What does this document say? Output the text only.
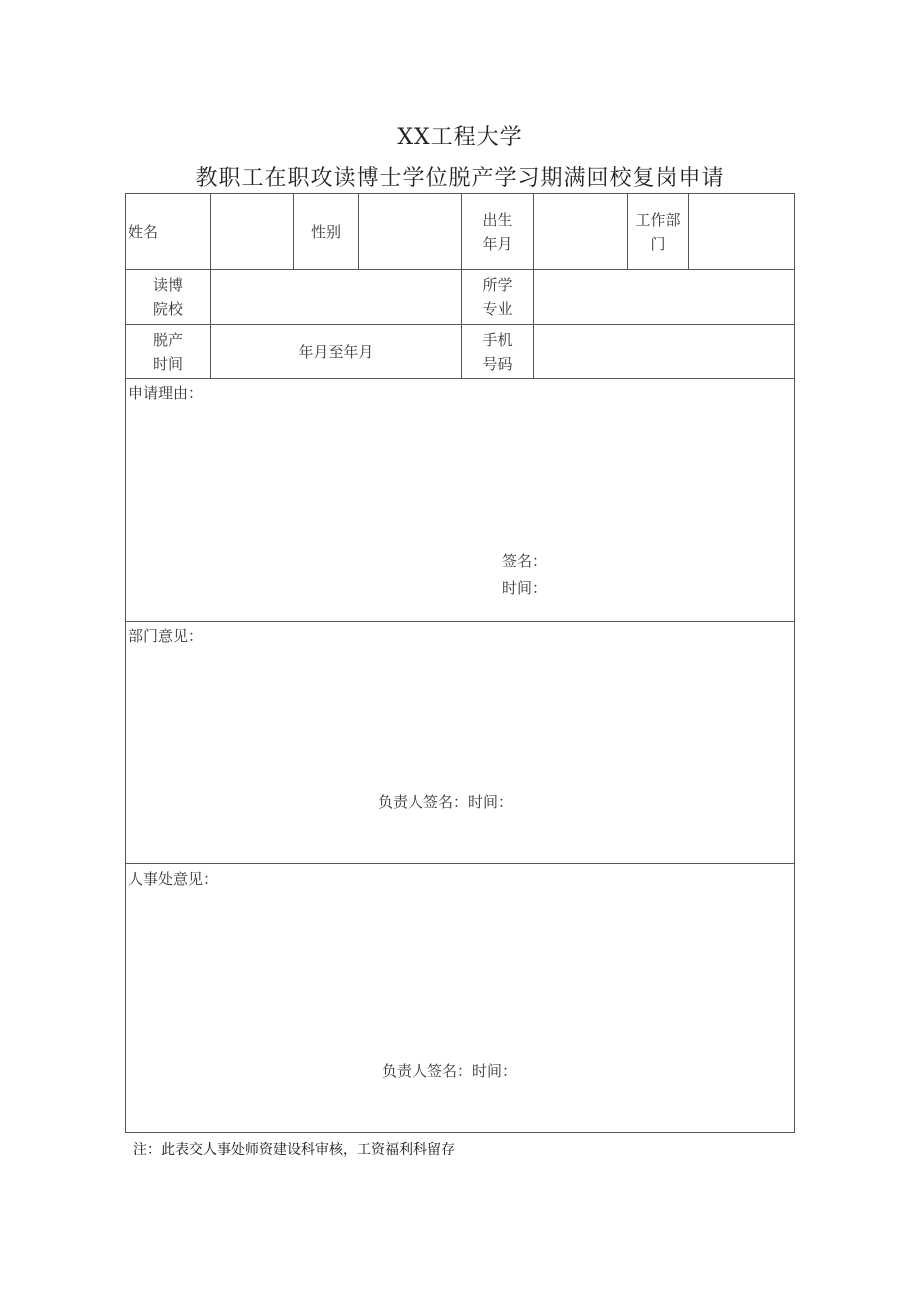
XX工程大学
教职工在职攻读博士学位脱产学习期满回校复岗申请
姓名	性别
出生
年月
工作部
门
读博
院校
所学
专业
脱产
时间
年月至年月
手机
号码
申请理由：
签名：
时间：
部门意见：
负责人签名：时间：
人事处意见：
负责人签名：时间：
注：此表交人事处师资建设科审核，工资福利科留存
